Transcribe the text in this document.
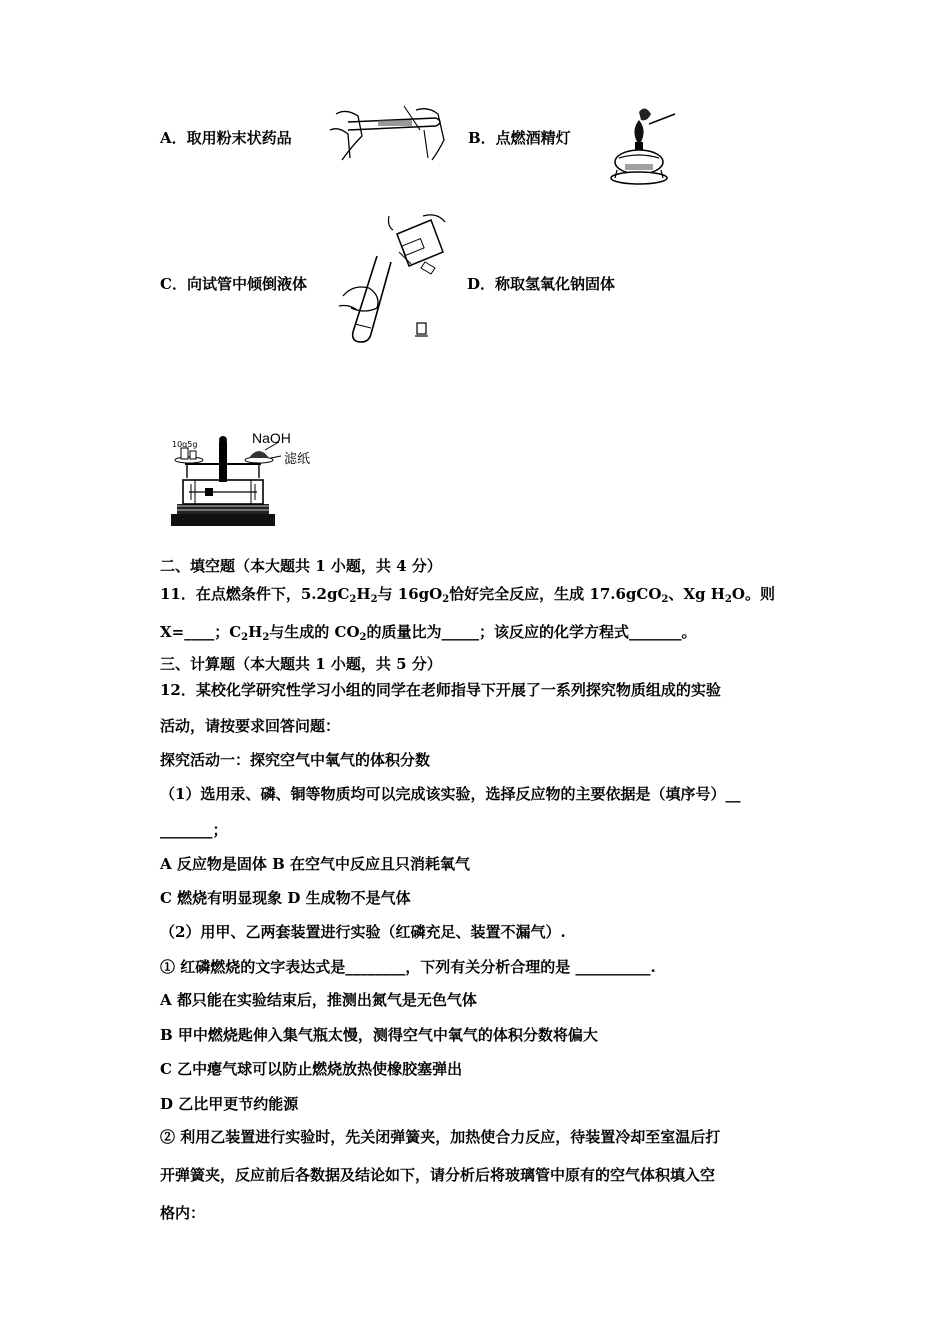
A．取用粉末状药品	B．点燃酒精灯
C．向试管中倾倒液体	D．称取氢氧化钠固体
10g5g	NaOH
滤纸
二、填空题（本大题共 1 小题，共 4 分）
11．在点燃条件下，$5.2gC_2H_2$与 $16gO_2$恰好完全反应，生成 17.6gCO$_2$、Xg $H_2O$。则
X=____；$C_2H_2$与生成的 $CO_2$的质量比为_____；该反应的化学方程式_______。
三、计算题（本大题共 1 小题，共 5 分）
12．某校化学研究性学习小组的同学在老师指导下开展了一系列探究物质组成的实验
活动，请按要求回答问题：
探究活动一：探究空气中氧气的体积分数
（1）选用汞、磷、铜等物质均可以完成该实验，选择反应物的主要依据是（填序号）__
_______；
A 反应物是固体 B 在空气中反应且只消耗氧气
C 燃烧有明显现象 D 生成物不是气体
（2）用甲、乙两套装置进行实验（红磷充足、装置不漏气）.
① 红磷燃烧的文字表达式是________，下列有关分析合理的是 __________.
A 都只能在实验结束后，推测出氮气是无色气体
B 甲中燃烧匙伸入集气瓶太慢，测得空气中氧气的体积分数将偏大
C 乙中瘪气球可以防止燃烧放热使橡胶塞弹出
D 乙比甲更节约能源
② 利用乙装置进行实验时，先关闭弹簧夹，加热使合力反应，待装置冷却至室温后打
开弹簧夹，反应前后各数据及结论如下，请分析后将玻璃管中原有的空气体积填入空
格内：
